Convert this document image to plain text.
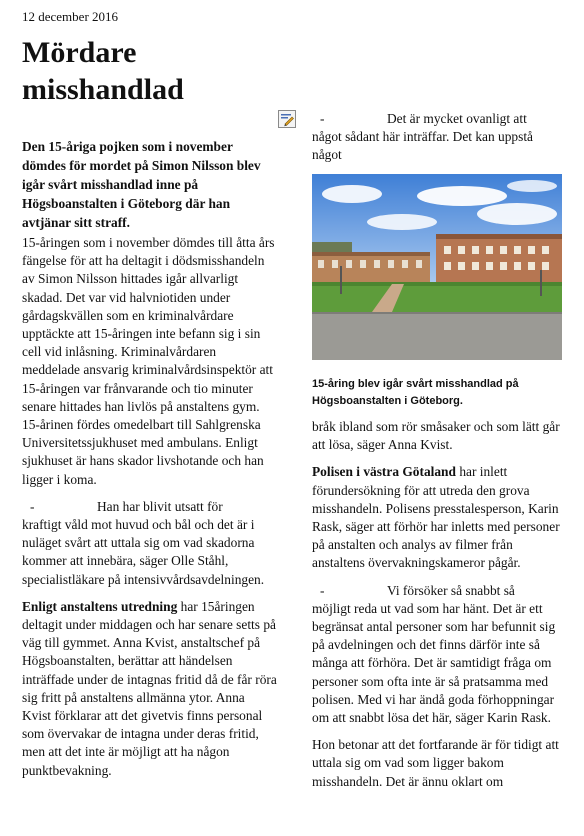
12 december 2016
Mördare
misshandlad
Den 15-åriga pojken som i november dömdes för mordet på Simon Nilsson blev igår svårt misshandlad inne på Högsboanstalten i Göteborg där han avtjänar sitt straff.

15-åringen som i november dömdes till åtta års fängelse för att ha deltagit i dödsmisshandeln av Simon Nilsson hittades igår allvarligt skadad. Det var vid halvniotiden under gårdagskvällen som en kriminalvårdare upptäckte att 15-åringen inte befann sig i sin cell vid inlåsning. Kriminalvårdaren meddelade ansvarig kriminalvårdsinspektör att 15-åringen var frånvarande och tio minuter senare hittades han livlös på anstaltens gym. 15-årinen fördes omedelbart till Sahlgrenska Universitetssjukhuset med ambulans. Enligt sjukhuset är hans skador livshotande och han ligger i koma.

-	Han har blivit utsatt för
kraftigt våld mot huvud och bål och det är i nuläget svårt att uttala sig om vad skadorna kommer att innebära, säger Olle Ståhl, specialistläkare på intensivvårdsavdelningen.

Enligt anstaltens utredning har 15åringen deltagit under middagen och har senare setts på väg till gymmet. Anna Kvist, anstaltschef på Högsboanstalten, berättar att händelsen inträffade under de intagnas fritid då de får röra sig fritt på anstaltens allmänna ytor. Anna Kvist förklarar att det givetvis finns personal som övervakar de intagna under deras fritid, men att det inte är möjligt att ha någon punktbevakning.

-	Det är mycket ovanligt att
något sådant här inträffar. Det kan uppstå något
15-åring blev igår svårt misshandlad på Högsboanstalten i Göteborg.

bråk ibland som rör småsaker och som lätt går att lösa, säger Anna Kvist.

Polisen i västra Götaland har inlett förundersökning för att utreda den grova misshandeln. Polisens presstalesperson, Karin Rask, säger att förhör har inletts med personer på anstalten och analys av filmer från anstaltens övervakningskameror pågår.

-	Vi försöker så snabbt så
möjligt reda ut vad som har hänt. Det är ett begränsat antal personer som har befunnit sig på avdelningen och det finns därför inte så många att förhöra. Det är samtidigt fråga om personer som ofta inte är så pratsamma med polisen. Med vi har ändå goda förhoppningar om att snabbt lösa det här, säger Karin Rask.

Hon betonar att det fortfarande är för tidigt att uttala sig om vad som ligger bakom misshandeln. Det är ännu oklart om
